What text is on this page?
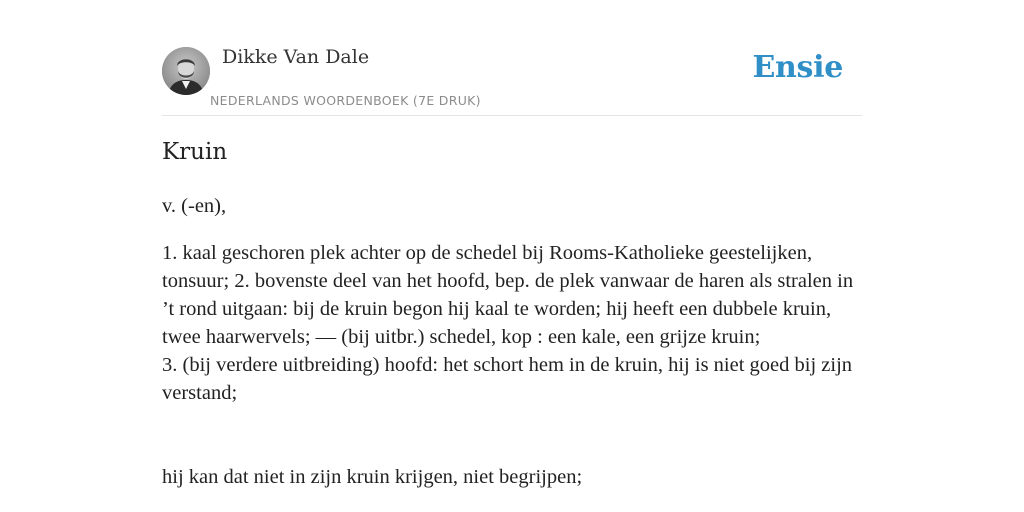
Dikke Van Dale
NEDERLANDS WOORDENBOEK (7E DRUK)
Ensie
Kruin
v. (-en),

1. kaal geschoren plek achter op de schedel bij Rooms-Katholieke geestelijken, tonsuur; 2. bovenste deel van het hoofd, bep. de plek vanwaar de haren als stralen in ’t rond uitgaan: bij de kruin begon hij kaal te worden; hij heeft een dubbele kruin, twee haarwervels; — (bij uitbr.) schedel, kop : een kale, een grijze kruin;

3. (bij verdere uitbreiding) hoofd: het schort hem in de kruin, hij is niet goed bij zijn verstand;

hij kan dat niet in zijn kruin krijgen, niet begrijpen;
